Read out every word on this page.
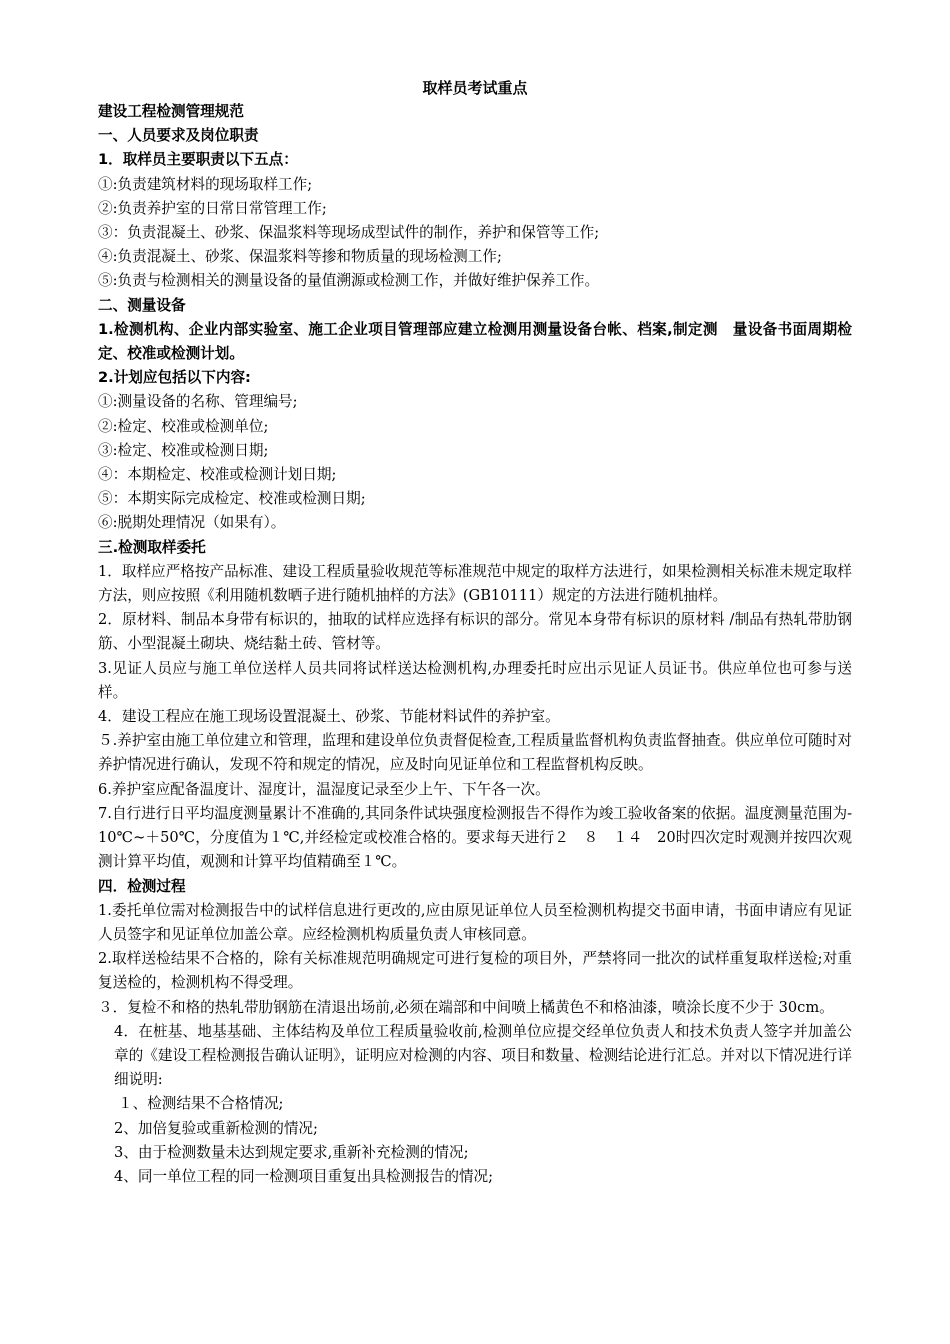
取样员考试重点
建设工程检测管理规范
一、人员要求及岗位职责
1．取样员主要职责以下五点：
①:负责建筑材料的现场取样工作;
②:负责养护室的日常日常管理工作;
③：负责混凝土、砂浆、保温浆料等现场成型试件的制作，养护和保管等工作;
④:负责混凝土、砂浆、保温浆料等掺和物质量的现场检测工作;
⑤:负责与检测相关的测量设备的量值溯源或检测工作，并做好维护保养工作。
二、测量设备
1.检测机构、企业内部实验室、施工企业项目管理部应建立检测用测量设备台帐、档案,制定测　量设备书面周期检定、校准或检测计划。
2.计划应包括以下内容:
①:测量设备的名称、管理编号;
②:检定、校准或检测单位;
③:检定、校准或检测日期;
④：本期检定、校准或检测计划日期;
⑤：本期实际完成检定、校准或检测日期;
⑥:脱期处理情况（如果有）。
三.检测取样委托
1．取样应严格按产品标准、建设工程质量验收规范等标准规范中规定的取样方法进行，如果检测相关标准未规定取样方法，则应按照《利用随机数晒子进行随机抽样的方法》(GB10111）规定的方法进行随机抽样。
2．原材料、制品本身带有标识的，抽取的试样应选择有标识的部分。常见本身带有标识的原材料 /制品有热轧带肋钢筋、小型混凝土砌块、烧结黏土砖、管材等。
3.见证人员应与施工单位送样人员共同将试样送达检测机构,办理委托时应出示见证人员证书。供应单位也可参与送样。
4．建设工程应在施工现场设置混凝土、砂浆、节能材料试件的养护室。
５.养护室由施工单位建立和管理，监理和建设单位负责督促检查,工程质量监督机构负责监督抽查。供应单位可随时对养护情况进行确认，发现不符和规定的情况，应及时向见证单位和工程监督机构反映。
6.养护室应配备温度计、湿度计，温湿度记录至少上午、下午各一次。
7.自行进行日平均温度测量累计不准确的,其同条件试块强度检测报告不得作为竣工验收备案的依据。温度测量范围为-10℃~＋50℃，分度值为１℃,并经检定或校准合格的。要求每天进行２　８　１４　20时四次定时观测并按四次观测计算平均值，观测和计算平均值精确至１℃。
四．检测过程
1.委托单位需对检测报告中的试样信息进行更改的,应由原见证单位人员至检测机构提交书面申请，书面申请应有见证人员签字和见证单位加盖公章。应经检测机构质量负责人审核同意。
2.取样送检结果不合格的，除有关标准规范明确规定可进行复检的项目外，严禁将同一批次的试样重复取样送检;对重复送检的，检测机构不得受理。
３．复检不和格的热轧带肋钢筋在清退出场前,必须在端部和中间喷上橘黄色不和格油漆，喷涂长度不少于 30cm。
4．在桩基、地基基础、主体结构及单位工程质量验收前,检测单位应提交经单位负责人和技术负责人签字并加盖公章的《建设工程检测报告确认证明》，证明应对检测的内容、项目和数量、检测结论进行汇总。并对以下情况进行详细说明:
１、检测结果不合格情况;
2、加倍复验或重新检测的情况;
3、由于检测数量未达到规定要求,重新补充检测的情况;
4、同一单位工程的同一检测项目重复出具检测报告的情况;
